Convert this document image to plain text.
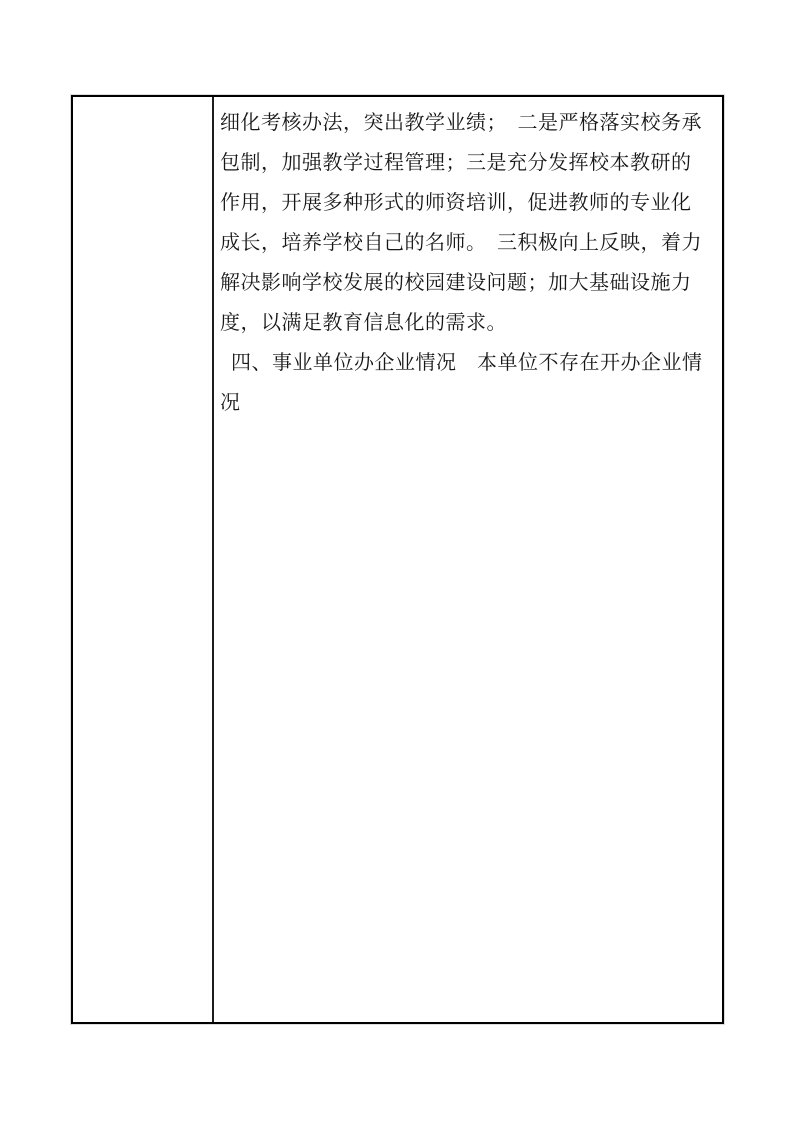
细化考核办法，突出教学业绩；　二是严格落实校务承
包制，加强教学过程管理；三是充分发挥校本教研的
作用，开展多种形式的师资培训，促进教师的专业化
成长，培养学校自己的名师。　三积极向上反映，着力
解决影响学校发展的校园建设问题；加大基础设施力
度，以满足教育信息化的需求。
四、事业单位办企业情况　本单位不存在开办企业情
况
